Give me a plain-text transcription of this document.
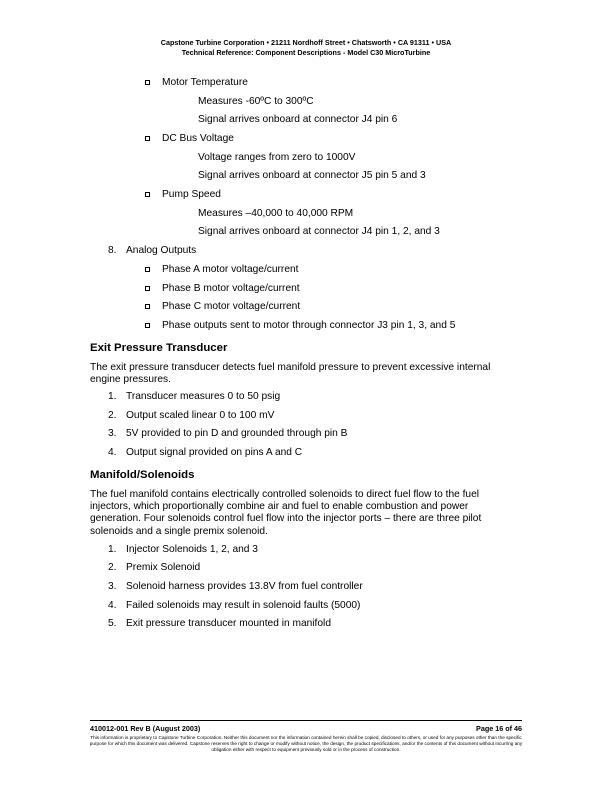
Capstone Turbine Corporation • 21211 Nordhoff Street • Chatsworth • CA 91311 • USA
Technical Reference: Component Descriptions - Model C30 MicroTurbine
Motor Temperature
Measures -60ºC to 300ºC
Signal arrives onboard at connector J4 pin 6
DC Bus Voltage
Voltage ranges from zero to 1000V
Signal arrives onboard at connector J5 pin 5 and 3
Pump Speed
Measures –40,000 to 40,000 RPM
Signal arrives onboard at connector J4 pin 1, 2, and 3
8. Analog Outputs
Phase A motor voltage/current
Phase B motor voltage/current
Phase C motor voltage/current
Phase outputs sent to motor through connector J3 pin 1, 3, and 5
Exit Pressure Transducer
The exit pressure transducer detects fuel manifold pressure to prevent excessive internal engine pressures.
1. Transducer measures 0 to 50 psig
2. Output scaled linear 0 to 100 mV
3. 5V provided to pin D and grounded through pin B
4. Output signal provided on pins A and C
Manifold/Solenoids
The fuel manifold contains electrically controlled solenoids to direct fuel flow to the fuel injectors, which proportionally combine air and fuel to enable combustion and power generation. Four solenoids control fuel flow into the injector ports – there are three pilot solenoids and a single premix solenoid.
1. Injector Solenoids 1, 2, and 3
2. Premix Solenoid
3. Solenoid harness provides 13.8V from fuel controller
4. Failed solenoids may result in solenoid faults (5000)
5. Exit pressure transducer mounted in manifold
410012-001 Rev B (August 2003)	Page 16 of 46
This information is proprietary to Capstone Turbine Corporation. Neither this document nor the information contained herein shall be copied, disclosed to others, or used for any purposes other than the specific purpose for which this document was delivered. Capstone reserves the right to change or modify without notice, the design, the product specifications, and/or the contents of this document without incurring any obligation either with respect to equipment previously sold or in the process of construction.
